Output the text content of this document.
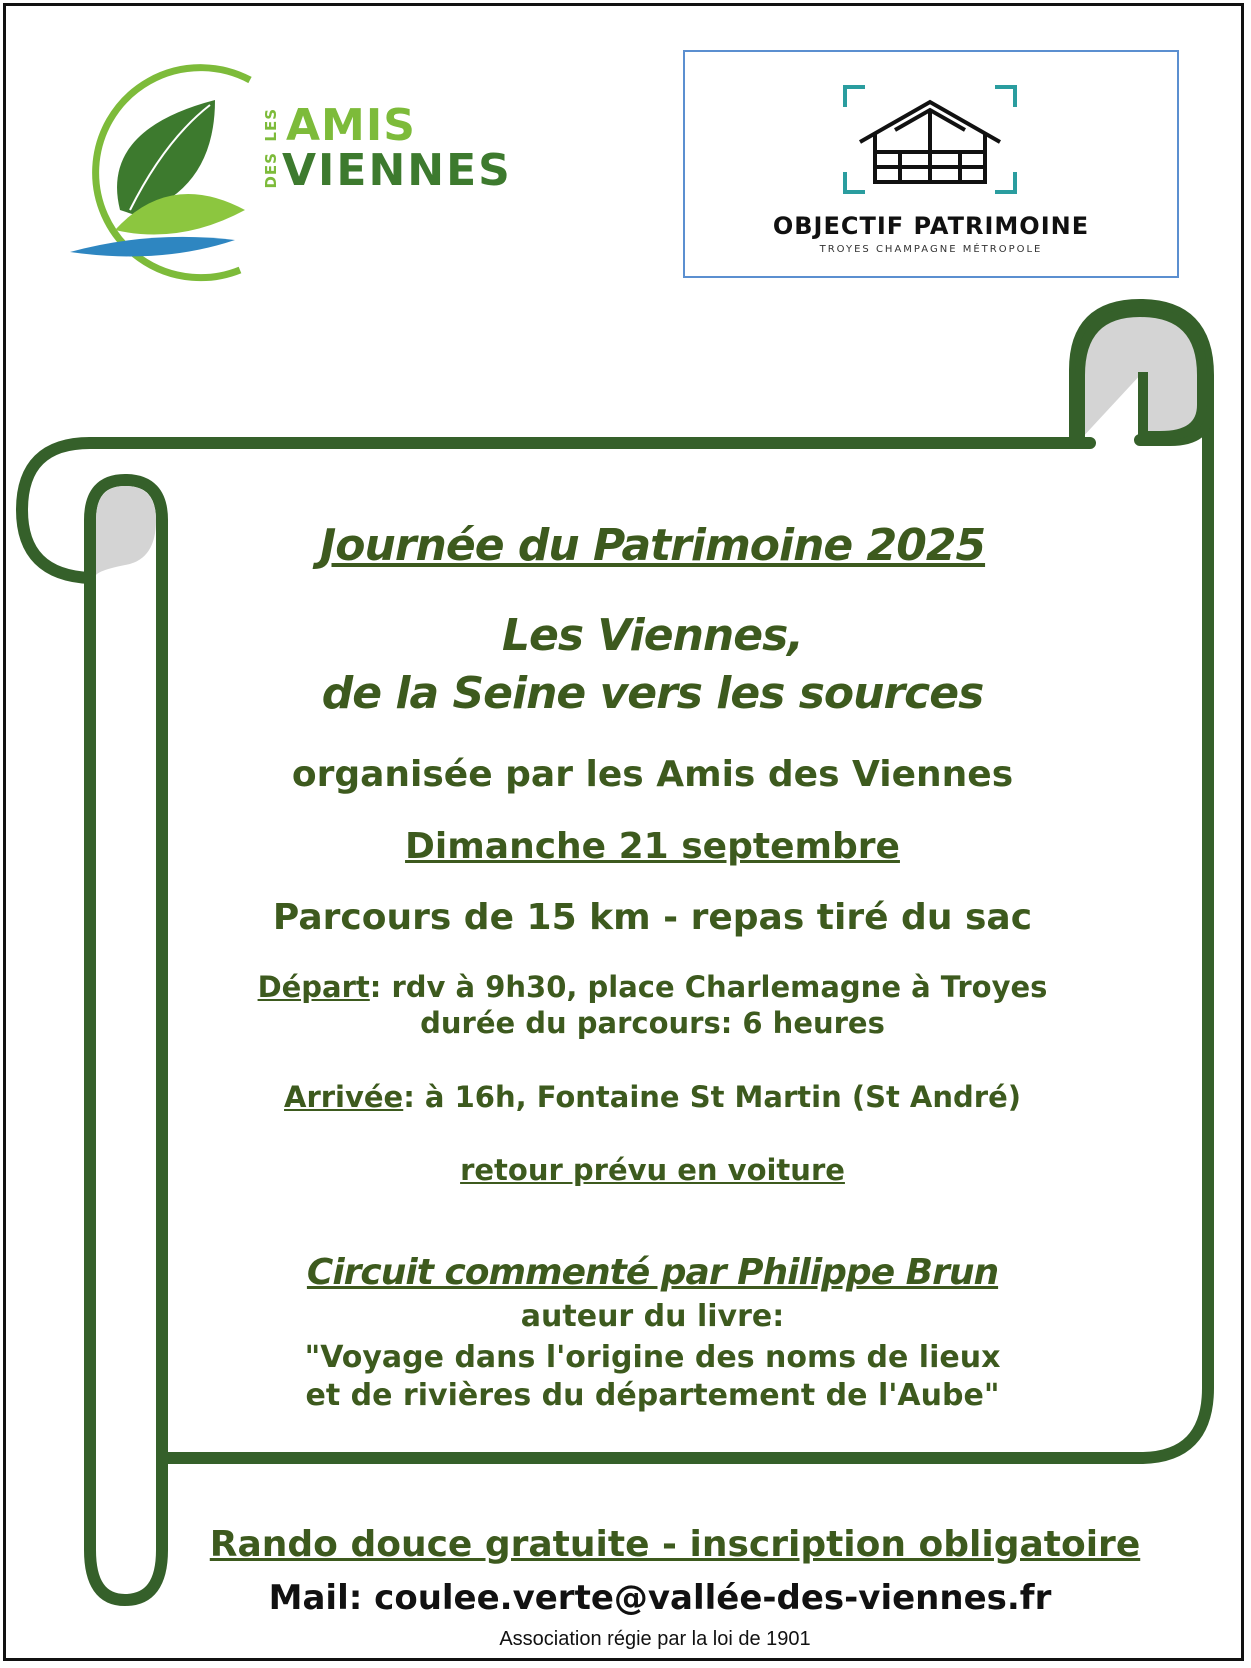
LES AMIS
DES VIENNES
OBJECTIF PATRIMOINE
TROYES CHAMPAGNE MÉTROPOLE
Journée du Patrimoine 2025
Les Viennes,
de la Seine vers les sources
organisée par les Amis des Viennes
Dimanche 21 septembre
Parcours de 15 km - repas tiré du sac
Départ: rdv à 9h30, place Charlemagne à Troyes
durée du parcours: 6 heures
Arrivée: à 16h, Fontaine St Martin (St André)
retour prévu en voiture
Circuit commenté par Philippe Brun
auteur du livre:
"Voyage dans l'origine des noms de lieux
et de rivières du département de l'Aube"
Rando douce gratuite - inscription obligatoire
Mail: coulee.verte@vallée-des-viennes.fr
Association régie par la loi de 1901
